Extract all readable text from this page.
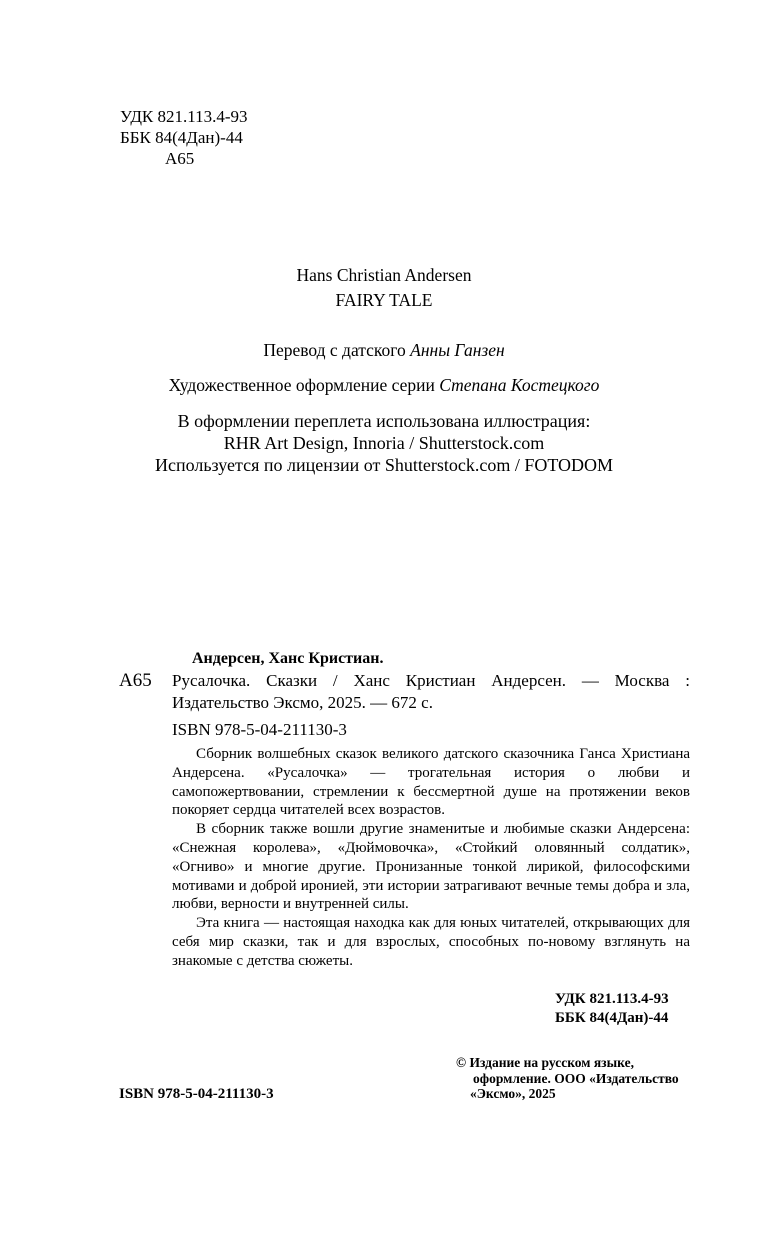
УДК 821.113.4-93
ББК 84(4Дан)-44
А65
Hans Christian Andersen
FAIRY TALE
Перевод с датского Анны Ганзен
Художественное оформление серии Степана Костецкого
В оформлении переплета использована иллюстрация:
RHR Art Design, Innoria / Shutterstock.com
Используется по лицензии от Shutterstock.com / FOTODOM
Андерсен, Ханс Кристиан.
А65 Русалочка. Сказки / Ханс Кристиан Андерсен. — Москва :
Издательство Эксмо, 2025. — 672 с.
ISBN 978-5-04-211130-3

Сборник волшебных сказок великого датского сказочника Ганса Христиана Андерсена. «Русалочка» — трогательная история о любви и самопожертвовании, стремлении к бессмертной душе на протяжении веков покоряет сердца читателей всех возрастов.

В сборник также вошли другие знаменитые и любимые сказки Андерсена: «Снежная королева», «Дюймовочка», «Стойкий оловянный солдатик», «Огниво» и многие другие. Пронизанные тонкой лирикой, философскими мотивами и доброй иронией, эти истории затрагивают вечные темы добра и зла, любви, верности и внутренней силы.

Эта книга — настоящая находка как для юных читателей, открывающих для себя мир сказки, так и для взрослых, способных по-новому взглянуть на знакомые с детства сюжеты.

УДК 821.113.4-93
ББК 84(4Дан)-44
ISBN 978-5-04-211130-3
© Издание на русском языке,
оформление. ООО «Издательство
«Эксмо», 2025
